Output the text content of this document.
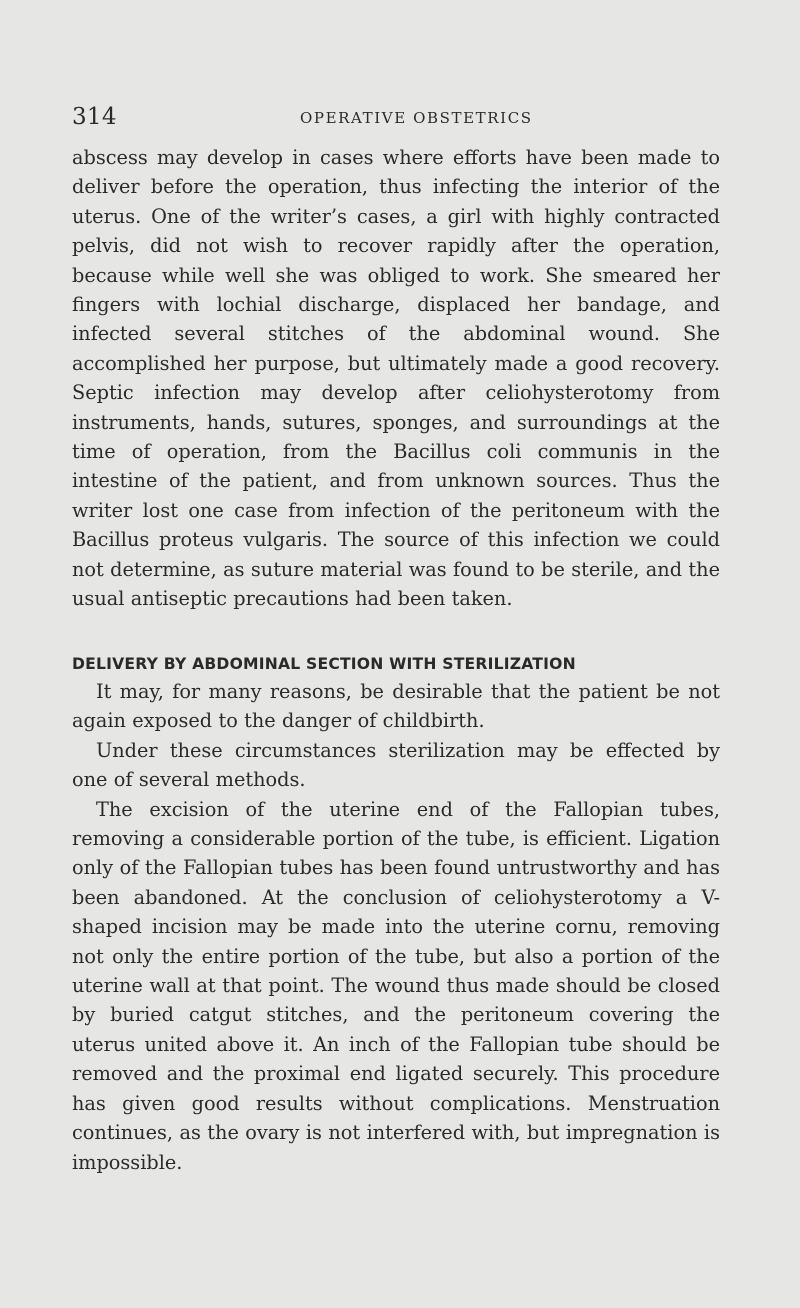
314	OPERATIVE OBSTETRICS

abscess may develop in cases where efforts have been made to deliver before the operation, thus infecting the interior of the uterus. One of the writer’s cases, a girl with highly contracted pelvis, did not wish to recover rapidly after the operation, because while well she was obliged to work. She smeared her fingers with lochial discharge, displaced her bandage, and infected several stitches of the abdominal wound. She accomplished her purpose, but ultimately made a good recovery. Septic infection may develop after celiohysterotomy from instruments, hands, sutures, sponges, and surroundings at the time of operation, from the Bacillus coli communis in the intestine of the patient, and from unknown sources. Thus the writer lost one case from infection of the peritoneum with the Bacillus proteus vulgaris. The source of this infection we could not determine, as suture material was found to be sterile, and the usual antiseptic precautions had been taken.

DELIVERY BY ABDOMINAL SECTION WITH STERILIZATION

It may, for many reasons, be desirable that the patient be not again exposed to the danger of childbirth.

Under these circumstances sterilization may be effected by one of several methods.

The excision of the uterine end of the Fallopian tubes, removing a considerable portion of the tube, is efficient. Ligation only of the Fallopian tubes has been found untrustworthy and has been abandoned. At the conclusion of celiohysterotomy a V-shaped incision may be made into the uterine cornu, removing not only the entire portion of the tube, but also a portion of the uterine wall at that point. The wound thus made should be closed by buried catgut stitches, and the peritoneum covering the uterus united above it. An inch of the Fallopian tube should be removed and the proximal end ligated securely. This procedure has given good results without complications. Menstruation continues, as the ovary is not interfered with, but impregnation is impossible.
